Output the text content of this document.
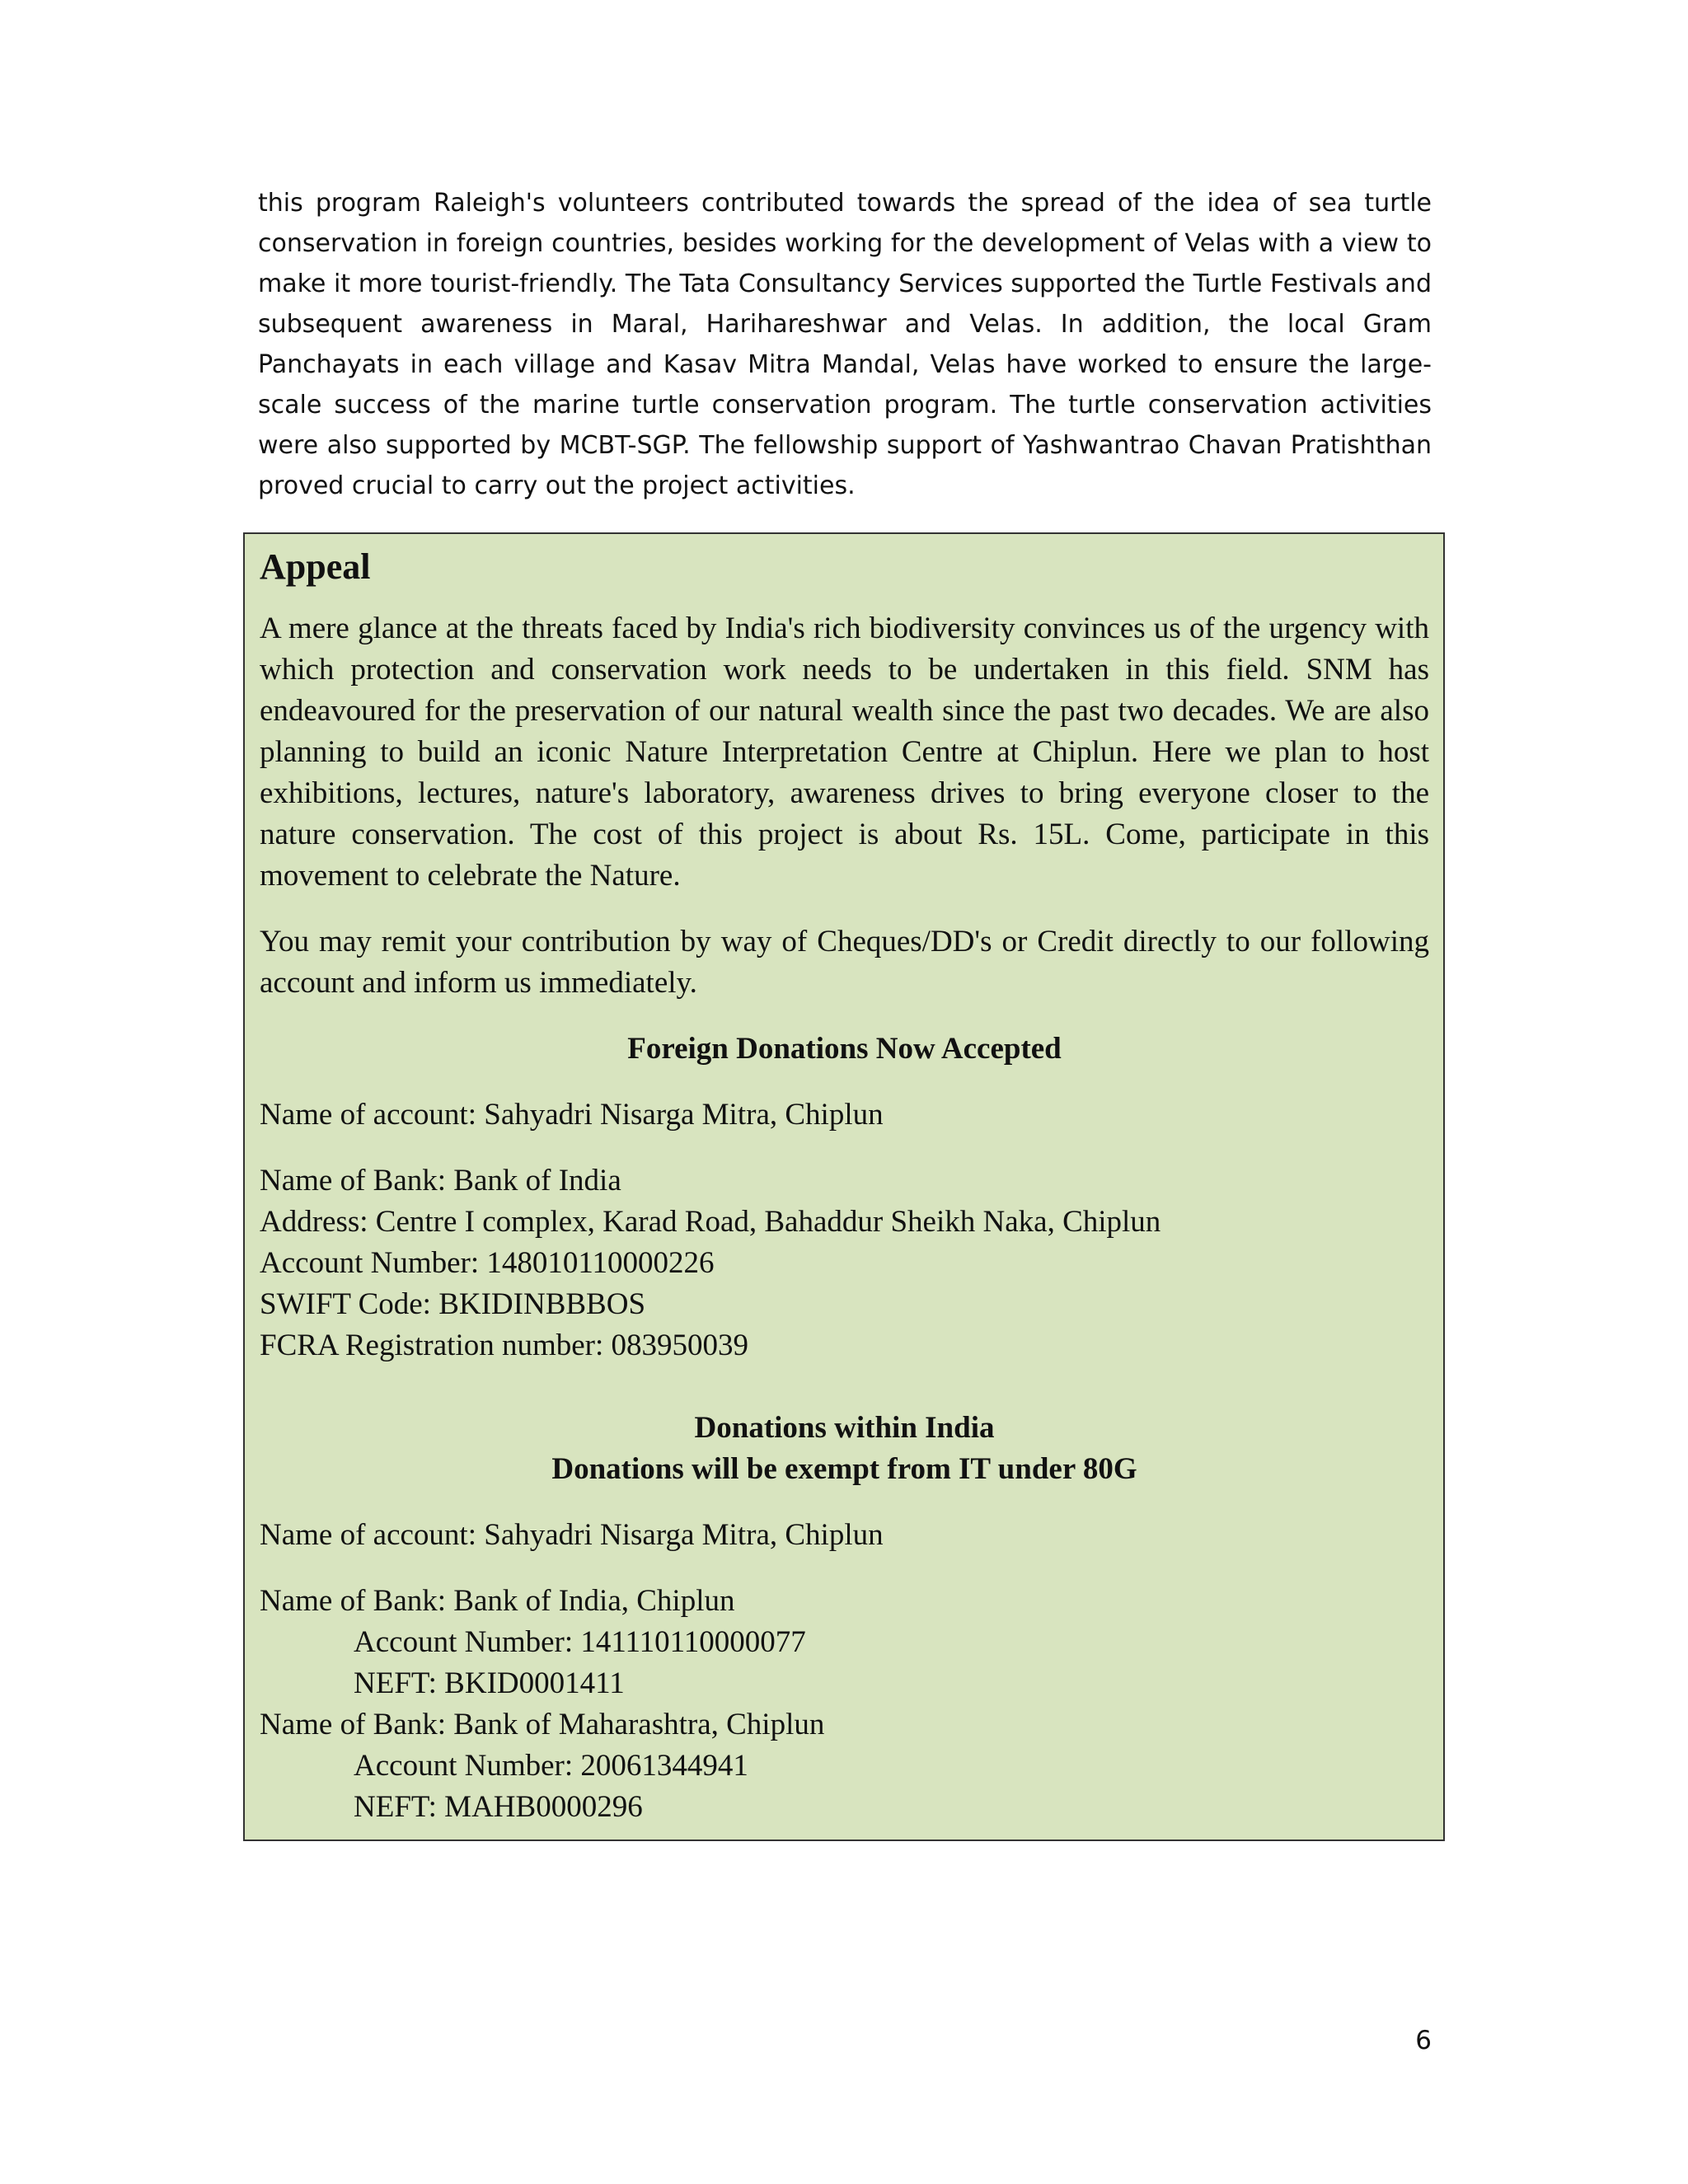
this program Raleigh's volunteers contributed towards the spread of the idea of sea turtle conservation in foreign countries, besides working for the development of Velas with a view to make it more tourist-friendly. The Tata Consultancy Services supported the Turtle Festivals and subsequent awareness in Maral, Harihareshwar and Velas. In addition, the local Gram Panchayats in each village and Kasav Mitra Mandal, Velas have worked to ensure the large-scale success of the marine turtle conservation program. The turtle conservation activities were also supported by MCBT-SGP. The fellowship support of Yashwantrao Chavan Pratishthan proved crucial to carry out the project activities.

Appeal

A mere glance at the threats faced by India's rich biodiversity convinces us of the urgency with which protection and conservation work needs to be undertaken in this field. SNM has endeavoured for the preservation of our natural wealth since the past two decades. We are also planning to build an iconic Nature Interpretation Centre at Chiplun. Here we plan to host exhibitions, lectures, nature's laboratory, awareness drives to bring everyone closer to the nature conservation. The cost of this project is about Rs. 15L. Come, participate in this movement to celebrate the Nature.

You may remit your contribution by way of Cheques/DD's or Credit directly to our following account and inform us immediately.

Foreign Donations Now Accepted

Name of account: Sahyadri Nisarga Mitra, Chiplun

Name of Bank: Bank of India

Address: Centre I complex, Karad Road, Bahaddur Sheikh Naka, Chiplun

Account Number: 148010110000226

SWIFT Code: BKIDINBBBOS

FCRA Registration number: 083950039

Donations within India

Donations will be exempt from IT under 80G

Name of account: Sahyadri Nisarga Mitra, Chiplun

Name of Bank: Bank of India, Chiplun

Account Number: 141110110000077

NEFT: BKID0001411

Name of Bank: Bank of Maharashtra, Chiplun

Account Number: 20061344941

NEFT: MAHB0000296

6
